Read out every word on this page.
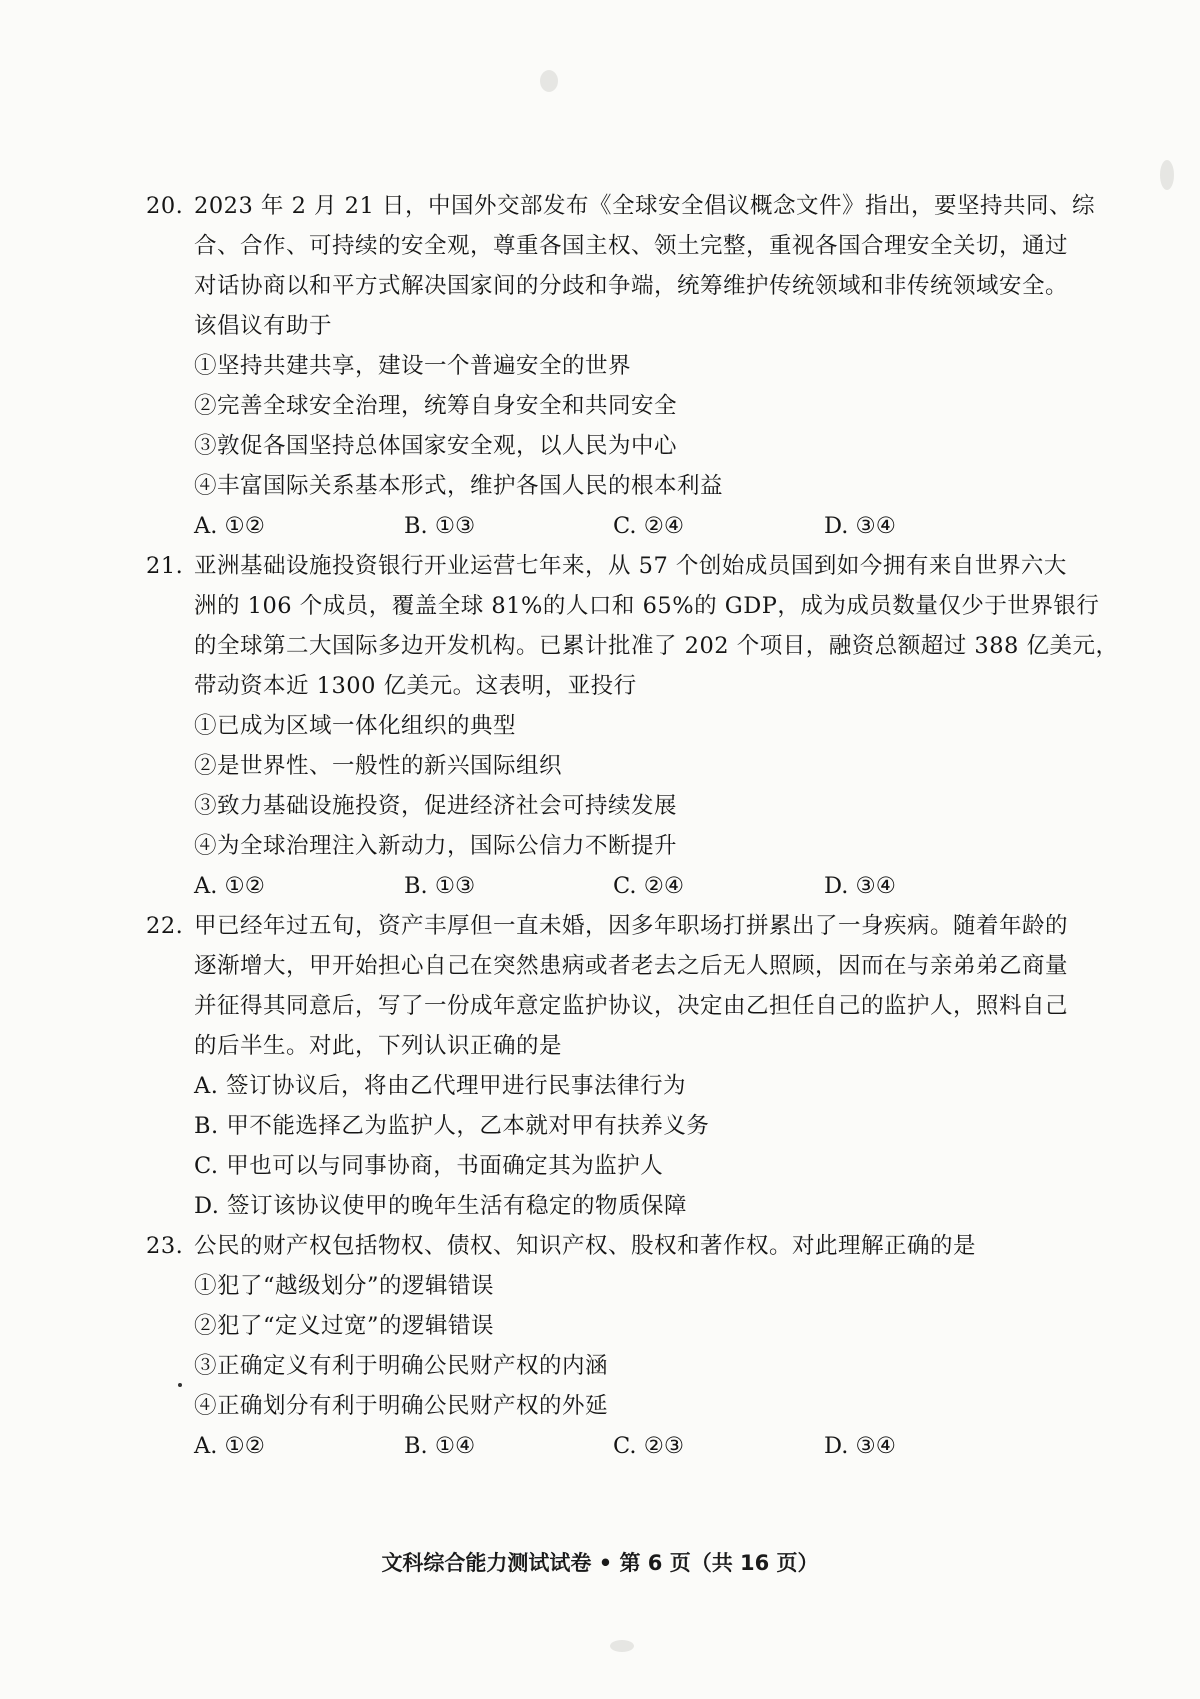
20. 2023 年 2 月 21 日，中国外交部发布《全球安全倡议概念文件》指出，要坚持共同、综
合、合作、可持续的安全观，尊重各国主权、领土完整，重视各国合理安全关切，通过
对话协商以和平方式解决国家间的分歧和争端，统筹维护传统领域和非传统领域安全。
该倡议有助于
①坚持共建共享，建设一个普遍安全的世界
②完善全球安全治理，统筹自身安全和共同安全
③敦促各国坚持总体国家安全观，以人民为中心
④丰富国际关系基本形式，维护各国人民的根本利益
A. ①②	B. ①③	C. ②④	D. ③④
21. 亚洲基础设施投资银行开业运营七年来，从 57 个创始成员国到如今拥有来自世界六大
洲的 106 个成员，覆盖全球 81%的人口和 65%的 GDP，成为成员数量仅少于世界银行
的全球第二大国际多边开发机构。已累计批准了 202 个项目，融资总额超过 388 亿美元，
带动资本近 1300 亿美元。这表明，亚投行
①已成为区域一体化组织的典型
②是世界性、一般性的新兴国际组织
③致力基础设施投资，促进经济社会可持续发展
④为全球治理注入新动力，国际公信力不断提升
A. ①②	B. ①③	C. ②④	D. ③④
22. 甲已经年过五旬，资产丰厚但一直未婚，因多年职场打拼累出了一身疾病。随着年龄的
逐渐增大，甲开始担心自己在突然患病或者老去之后无人照顾，因而在与亲弟弟乙商量
并征得其同意后，写了一份成年意定监护协议，决定由乙担任自己的监护人，照料自己
的后半生。对此，下列认识正确的是
A. 签订协议后，将由乙代理甲进行民事法律行为
B. 甲不能选择乙为监护人，乙本就对甲有扶养义务
C. 甲也可以与同事协商，书面确定其为监护人
D. 签订该协议使甲的晚年生活有稳定的物质保障
23. 公民的财产权包括物权、债权、知识产权、股权和著作权。对此理解正确的是
①犯了“越级划分”的逻辑错误
②犯了“定义过宽”的逻辑错误
③正确定义有利于明确公民财产权的内涵
④正确划分有利于明确公民财产权的外延
A. ①②	B. ①④	C. ②③	D. ③④
文科综合能力测试试卷 • 第 6 页（共 16 页）
